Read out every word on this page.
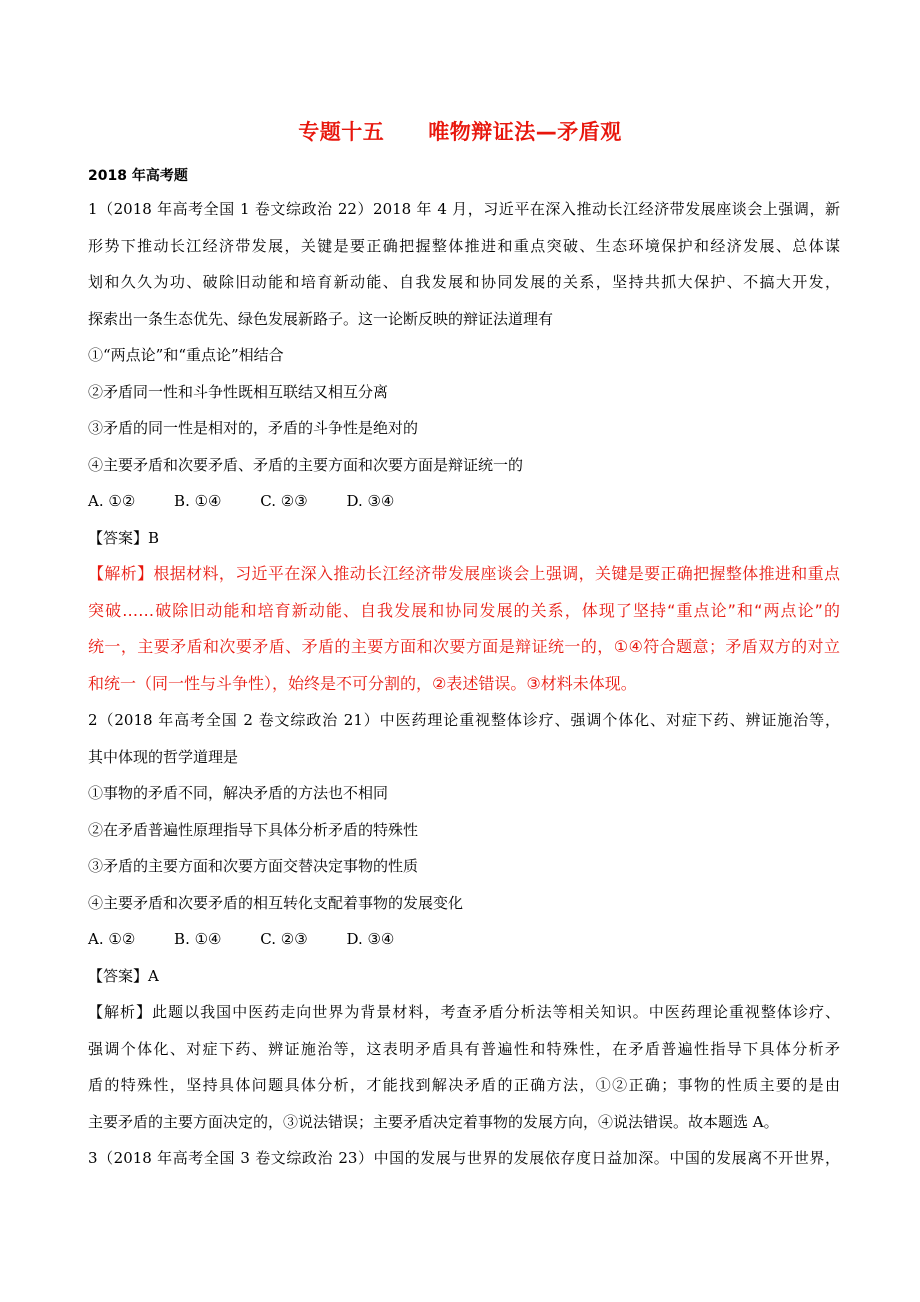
专题十五 唯物辩证法—矛盾观
2018 年高考题
1（2018 年高考全国 1 卷文综政治 22）2018 年 4 月，习近平在深入推动长江经济带发展座谈会上强调，新
形势下推动长江经济带发展，关键是要正确把握整体推进和重点突破、生态环境保护和经济发展、总体谋
划和久久为功、破除旧动能和培育新动能、自我发展和协同发展的关系，坚持共抓大保护、不搞大开发，
探索出一条生态优先、绿色发展新路子。这一论断反映的辩证法道理有
①“两点论”和“重点论”相结合
②矛盾同一性和斗争性既相互联结又相互分离
③矛盾的同一性是相对的，矛盾的斗争性是绝对的
④主要矛盾和次要矛盾、矛盾的主要方面和次要方面是辩证统一的
A. ①②	B. ①④	C. ②③	D. ③④
【答案】B
【解析】根据材料，习近平在深入推动长江经济带发展座谈会上强调，关键是要正确把握整体推进和重点
突破……破除旧动能和培育新动能、自我发展和协同发展的关系，体现了坚持“重点论”和“两点论”的
统一，主要矛盾和次要矛盾、矛盾的主要方面和次要方面是辩证统一的，①④符合题意；矛盾双方的对立
和统一（同一性与斗争性），始终是不可分割的，②表述错误。③材料未体现。
2（2018 年高考全国 2 卷文综政治 21）中医药理论重视整体诊疗、强调个体化、对症下药、辨证施治等，
其中体现的哲学道理是
①事物的矛盾不同，解决矛盾的方法也不相同
②在矛盾普遍性原理指导下具体分析矛盾的特殊性
③矛盾的主要方面和次要方面交替决定事物的性质
④主要矛盾和次要矛盾的相互转化支配着事物的发展变化
A. ①②	B. ①④	C. ②③	D. ③④
【答案】A
【解析】此题以我国中医药走向世界为背景材料，考查矛盾分析法等相关知识。中医药理论重视整体诊疗、
强调个体化、对症下药、辨证施治等，这表明矛盾具有普遍性和特殊性，在矛盾普遍性指导下具体分析矛
盾的特殊性，坚持具体问题具体分析，才能找到解决矛盾的正确方法，①②正确；事物的性质主要的是由
主要矛盾的主要方面决定的，③说法错误；主要矛盾决定着事物的发展方向，④说法错误。故本题选 A。
3（2018 年高考全国 3 卷文综政治 23）中国的发展与世界的发展依存度日益加深。中国的发展离不开世界，
